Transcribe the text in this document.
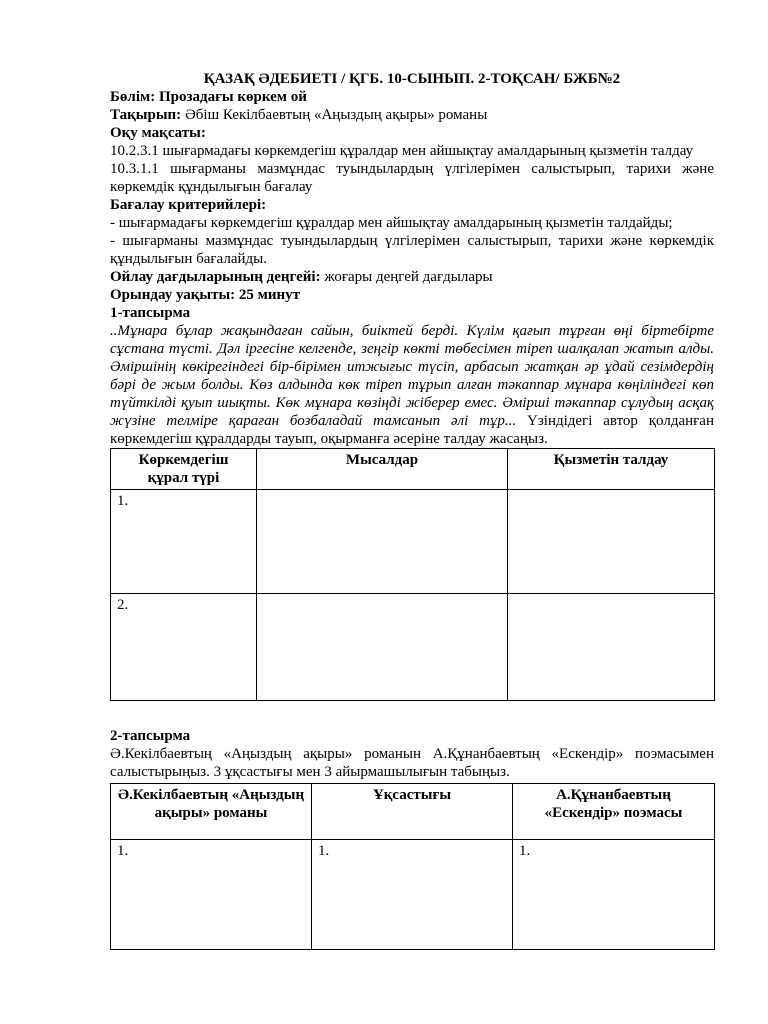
ҚАЗАҚ ӘДЕБИЕТІ / ҚГБ. 10-СЫНЫП. 2-ТОҚСАН/ БЖБ№2

Бөлім: Прозадағы көркем ой

Тақырып: Әбіш Кекілбаевтың «Аңыздың ақыры» романы

Оқу мақсаты:

10.2.3.1 шығармадағы көркемдегіш құралдар мен айшықтау амалдарының қызметін талдау

10.3.1.1 шығарманы мазмұндас туындылардың үлгілерімен салыстырып, тарихи және көркемдік құндылығын бағалау

Бағалау критерийлері:

- шығармадағы көркемдегіш құралдар мен айшықтау амалдарының қызметін талдайды;

- шығарманы мазмұндас туындылардың үлгілерімен салыстырып, тарихи және көркемдік құндылығын бағалайды.

Ойлау дағдыларының деңгейі: жоғары деңгей дағдылары

Орындау уақыты: 25 минут

1-тапсырма

..Мұнара бұлар жақындаған сайын, биіктей берді. Күлім қағып тұрған өңі біртебірте сұстана түсті. Дәл іргесіне келгенде, зеңгір көкті төбесімен тіреп шалқалап жатып алды. Әміршінің көкірегіндегі бір-бірімен итжығыс түсіп, арбасып жатқан әр ұдай сезімдердің бәрі де жым болды. Көз алдында көк тіреп тұрып алған тәкаппар мұнара көңіліндегі көп түйткілді қуып шықты. Көк мұнара көзіңді жіберер емес. Әмірші тәкаппар сұлудың асқақ жүзіне телміре қараған бозбаладай тамсанып әлі тұр... Үзіндідегі автор қолданған көркемдегіш құралдарды тауып, оқырманға әсеріне талдау жасаңыз.

Көркемдегіш құрал түрі	Мысалдар	Қызметін талдау
1.		
2.		

2-тапсырма

Ә.Кекілбаевтың «Аңыздың ақыры» романын А.Құнанбаевтың «Ескендір» поэмасымен салыстырыңыз. 3 ұқсастығы мен 3 айырмашылығын табыңыз.

Ә.Кекілбаевтың «Аңыздың ақыры» романы	Ұқсастығы	А.Құнанбаевтың «Ескендір» поэмасы
1.	1.	1.
